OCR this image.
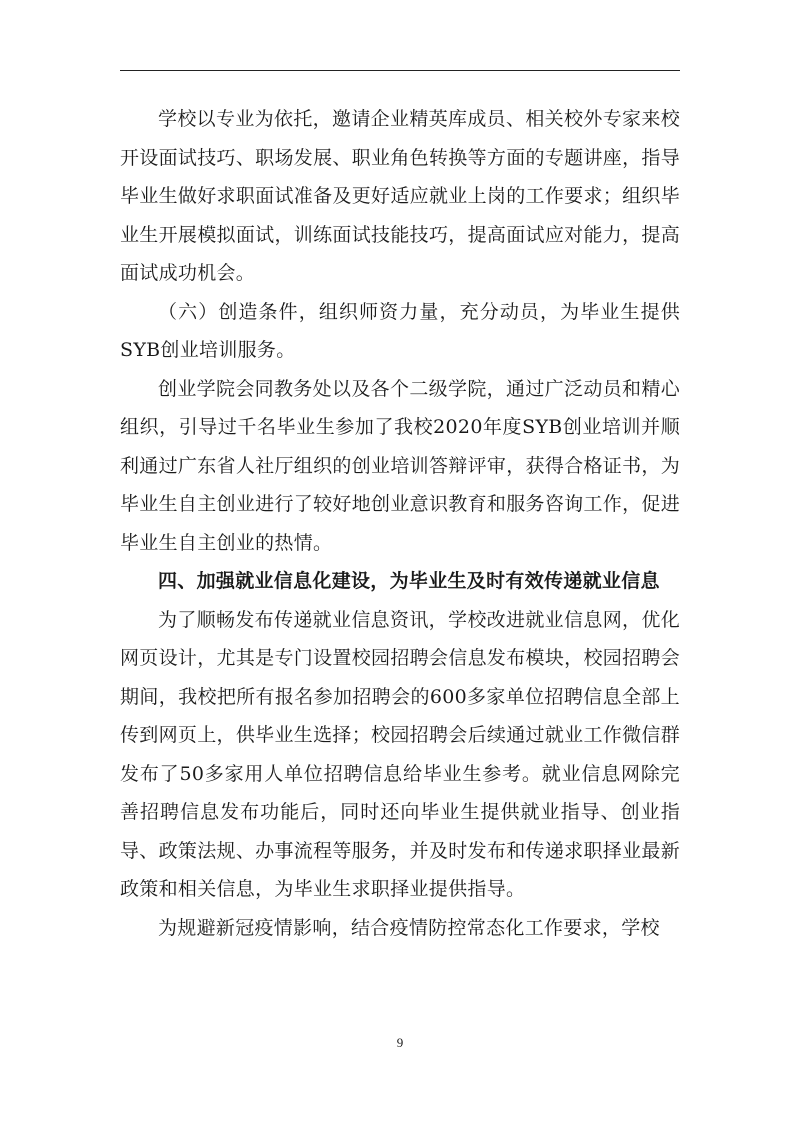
学校以专业为依托，邀请企业精英库成员、相关校外专家来校开设面试技巧、职场发展、职业角色转换等方面的专题讲座，指导毕业生做好求职面试准备及更好适应就业上岗的工作要求；组织毕业生开展模拟面试，训练面试技能技巧，提高面试应对能力，提高面试成功机会。

（六）创造条件，组织师资力量，充分动员，为毕业生提供SYB创业培训服务。

创业学院会同教务处以及各个二级学院，通过广泛动员和精心组织，引导过千名毕业生参加了我校2020年度SYB创业培训并顺利通过广东省人社厅组织的创业培训答辩评审，获得合格证书，为毕业生自主创业进行了较好地创业意识教育和服务咨询工作，促进毕业生自主创业的热情。

四、加强就业信息化建设，为毕业生及时有效传递就业信息

为了顺畅发布传递就业信息资讯，学校改进就业信息网，优化网页设计，尤其是专门设置校园招聘会信息发布模块，校园招聘会期间，我校把所有报名参加招聘会的600多家单位招聘信息全部上传到网页上，供毕业生选择；校园招聘会后续通过就业工作微信群发布了50多家用人单位招聘信息给毕业生参考。就业信息网除完善招聘信息发布功能后，同时还向毕业生提供就业指导、创业指导、政策法规、办事流程等服务，并及时发布和传递求职择业最新政策和相关信息，为毕业生求职择业提供指导。

为规避新冠疫情影响，结合疫情防控常态化工作要求，学校

9
